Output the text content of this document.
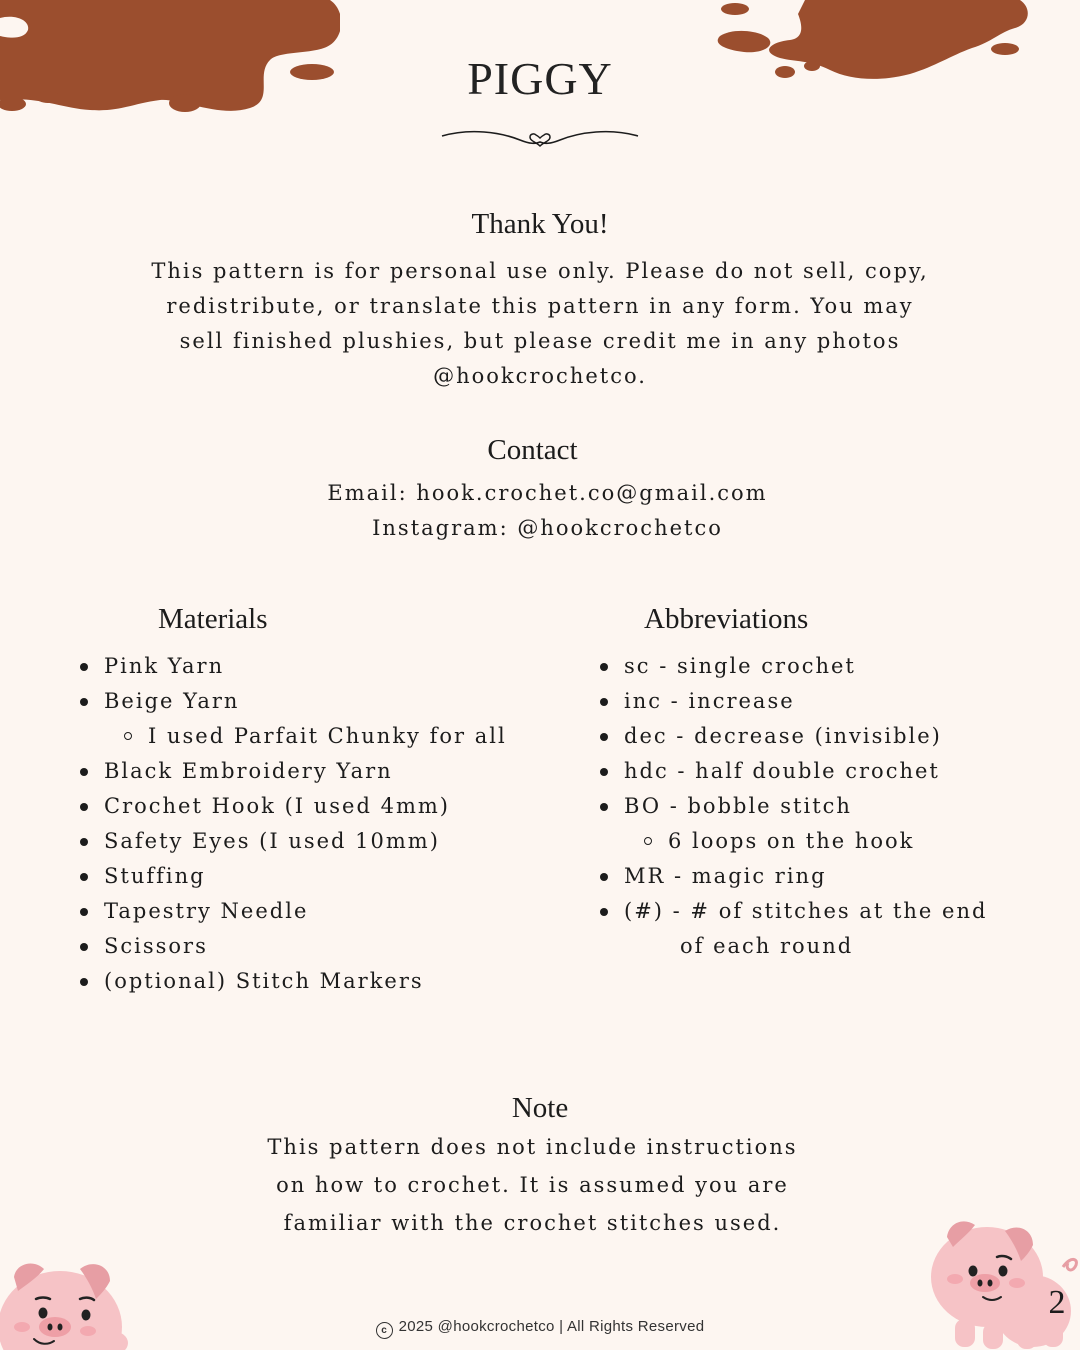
PIGGY
Thank You!
This pattern is for personal use only. Please do not sell, copy,
redistribute, or translate this pattern in any form. You may
sell finished plushies, but please credit me in any photos
@hookcrochetco.
Contact
Email: hook.crochet.co@gmail.com
Instagram: @hookcrochetco
Materials
Pink Yarn
Beige Yarn
I used Parfait Chunky for all
Black Embroidery Yarn
Crochet Hook (I used 4mm)
Safety Eyes (I used 10mm)
Stuffing
Tapestry Needle
Scissors
(optional) Stitch Markers
Abbreviations
sc - single crochet
inc - increase
dec - decrease (invisible)
hdc - half double crochet
BO - bobble stitch
6 loops on the hook
MR - magic ring
(#) - # of stitches at the end
of each round
Note
This pattern does not include instructions
on how to crochet. It is assumed you are
familiar with the crochet stitches used.
2
c 2025 @hookcrochetco | All Rights Reserved
